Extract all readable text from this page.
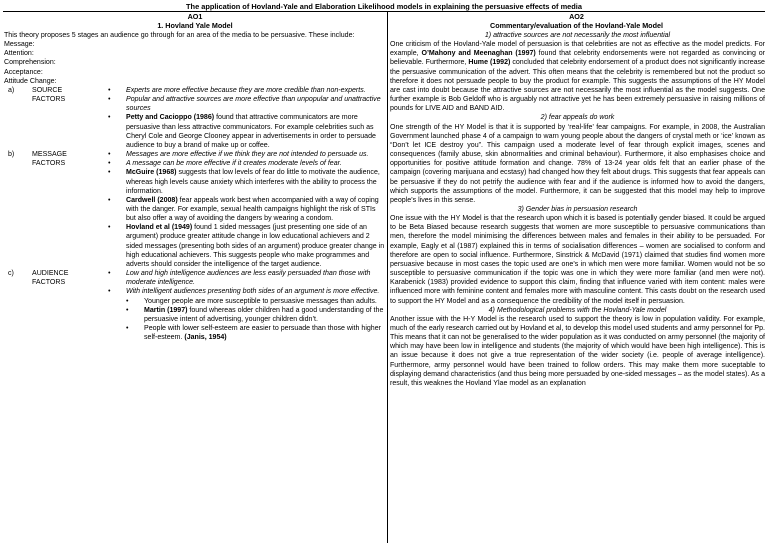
The application of Hovland-Yale and Elaboration Likelihood models in explaining the persuasive effects of media
AO1	AO2
1. Hovland Yale Model	Commentary/evaluation of the Hovland-Yale Model

This theory proposes 5 stages an audience go through for an area of the media to be persuasive. These include:

Message:

Attention:

Comprehension:

Acceptance:

Attitude Change:

a)	SOURCE
FACTORS
• Experts are more effective because they are more credible than non-experts.
• Popular and attractive sources are more effective than unpopular and unattractive sources
• Petty and Cacioppo (1986) found that attractive communicators are more persuasive than less attractive communicators. For example celebrities such as Cheryl Cole and George Clooney appear in advertisements in order to persuade audience to buy a brand of make up or coffee.
b)	MESSAGE
FACTORS
• Messages are more effective if we think they are not intended to persuade us.
• A message can be more effective if it creates moderate levels of fear.
• McGuire (1968) suggests that low levels of fear do little to motivate the audience, whereas high levels cause anxiety which interferes with the ability to process the information.
• Cardwell (2008) fear appeals work best when accompanied with a way of coping with the danger. For example, sexual health campaigns highlight the risk of STIs but also offer a way of avoiding the dangers by wearing a condom.
• Hovland et al (1949) found 1 sided messages (just presenting one side of an argument) produce greater attitude change in low educational achievers and 2 sided messages (presenting both sides of an argument) produce greater change in high educational achievers. This suggests people who make programmes and adverts should consider the intelligence of the target audience.
c)	AUDIENCE
FACTORS
• Low and high intelligence audiences are less easily persuaded than those with moderate intelligence.
• With intelligent audiences presenting both sides of an argument is more effective.
• Younger people are more susceptible to persuasive messages than adults.
• Martin (1997) found whereas older children had a good understanding of the persuasive intent of advertising, younger children didn’t.
• People with lower self-esteem are easier to persuade than those with higher self-esteem. (Janis, 1954)

1) attractive sources are not necessarily the most influential

One criticism of the Hovland-Yale model of persuasion is that celebrities are not as effective as the model predicts. For example, O’Mahony and Meenaghan (1997) found that celebrity endorsements were not regarded as convincing or believable. Furthermore, Hume (1992) concluded that celebrity endorsement of a product does not significantly increase the persuasive communication of the advert. This often means that the celebrity is remembered but not the product so therefore it does not persuade people to buy the product for example. This suggests the assumptions of the HY Model are cast into doubt because the attractive sources are not necessarily the most influential as the model suggests. One further example is Bob Geldoff who is arguably not attractive yet he has been extremely persuasive in raising millions of pounds for LIVE AID and BAND AID.

2) fear appeals do work

One strength of the HY Model is that it is supported by ‘real-life’ fear campaigns. For example, in 2008, the Australian Government launched phase 4 of a campaign to warn young people about the dangers of crystal meth or ‘ice’ known as “Don’t let ICE destroy you”. This campaign used a moderate level of fear through explicit images, scenes and consequences (family abuse, skin abnormalities and criminal behaviour). Furthermore, it also emphasises choice and opportunities for positive attitude formation and change. 78% of 13-24 year olds felt that an earlier phase of the campaign (covering marijuana and ecstasy) had changed how they felt about drugs. This suggests that fear appeals can be persuasive if they do not petrify the audience with fear and if the audience is informed how to avoid the dangers, which supports the assumptions of the model. Furthermore, it can be suggested that this model may help to improve people’s lives in this sense.

3) Gender bias in persuasion research

One issue with the HY Model is that the research upon which it is based is potentially gender biased. It could be argued to be Beta Biased because research suggests that women are more susceptible to persuasive communications than men, therefore the model minimising the differences between males and females in their ability to be persuaded. For example, Eagly et al (1987) explained this in terms of socialisation differences – women are socialised to conform and therefore are open to social influence. Furthermore, Sinstrick & McDavid (1971) claimed that studies find women more persuasive because in most cases the topic used are one’s in which men were more familiar. Women would not be so susceptible to persuasive communication if the topic was one in which they were more familiar (and men were not). Karabenick (1983) provided evidence to support this claim, finding that influence varied with item content: males were influenced more with feminine content and females more with masculine content. This casts doubt on the research used to support the HY Model and as a consequence the credibility of the model itself in persuasion.

4) Methodological problems with the Hovland-Yale model

Another issue with the H-Y Model is the research used to support the theory is low in population validity. For example, much of the early research carried out by Hovland et al, to develop this model used students and army personnel for Pp. This means that it can not be generalised to the wider population as it was conducted on army personnel (the majority of which may have been low in intelligence and students (the majority of which would have been high intelligence). This is an issue because it does not give a true representation of the wider society (i.e. people of average intelligence). Furthermore, army personnel would have been trained to follow orders. This may make them more suceptable to displaying demand characteristics (and thus being more persuaded by one-sided messages – as the model states). As a result, this weaknes the Hovland Ylae model as an explanation
